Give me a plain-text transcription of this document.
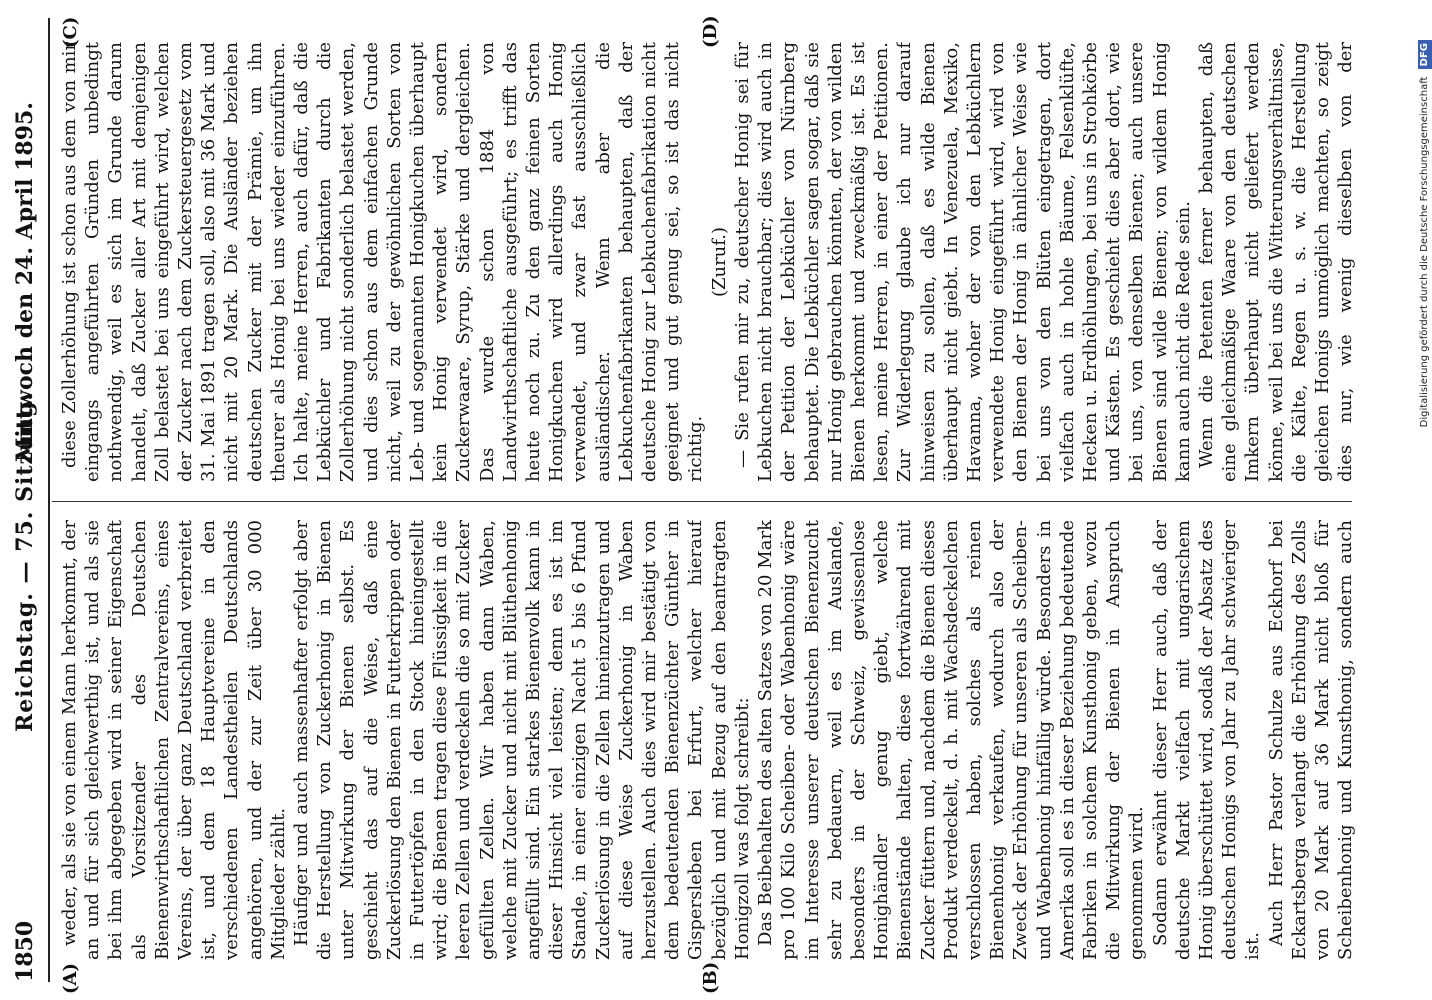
1850
Reichstag. — 75. Sitzung.
Mittwoch den 24. April 1895.
(A)	(B)
(C)	(D)

weder, als sie von einem Mann herkommt, der an und für sich gleichwerthig ist, und als sie bei ihm abgegeben wird in seiner Eigenschaft als Vorsitzender des Deutschen Bienenwirthschaftlichen Zentralvereins, eines Vereins, der über ganz Deutschland verbreitet ist, und dem 18 Hauptvereine in den verschiedenen Landestheilen Deutschlands angehören, und der zur Zeit über 30 000 Mitglieder zählt. Häufiger und auch massenhafter erfolgt aber die Herstellung von Zuckerhonig in Bienen unter Mitwirkung der Bienen selbst. Es geschieht das auf die Weise, daß eine Zuckerlösung den Bienen in Futterkrippen oder in Futtertöpfen in den Stock hineingestellt wird; die Bienen tragen diese Flüssigkeit in die leeren Zellen und verdeckeln die so mit Zucker gefüllten Zellen. Wir haben dann Waben, welche mit Zucker und nicht mit Blüthenhonig angefüllt sind. Ein starkes Bienenvolk kann in dieser Hinsicht viel leisten; denn es ist im Stande, in einer einzigen Nacht 5 bis 6 Pfund Zuckerlösung in die Zellen hineinzutragen und auf diese Weise Zuckerhonig in Waben herzustellen. Auch dies wird mir bestätigt von dem bedeutenden Bienenzüchter Günther in Gispersleben bei Erfurt, welcher hierauf bezüglich und mit Bezug auf den beantragten Honigzoll was folgt schreibt: Das Beibehalten des alten Satzes von 20 Mark pro 100 Kilo Scheiben- oder Wabenhonig wäre im Interesse unserer deutschen Bienenzucht sehr zu bedauern, weil es im Auslande, besonders in der Schweiz, gewissenlose Honighändler genug giebt, welche Bienenstände halten, diese fortwährend mit Zucker füttern und, nachdem die Bienen dieses Produkt verdeckelt, d. h. mit Wachsdeckelchen verschlossen haben, solches als reinen Bienenhonig verkaufen, wodurch also der Zweck der Erhöhung für unseren als Scheiben- und Wabenhonig hinfällig würde. Besonders in Amerika soll es in dieser Beziehung bedeutende Fabriken in solchem Kunsthonig geben, wozu die Mitwirkung der Bienen in Anspruch genommen wird. Sodann erwähnt dieser Herr auch, daß der deutsche Markt vielfach mit ungarischem Honig überschüttet wird, sodaß der Absatz des deutschen Honigs von Jahr zu Jahr schwieriger ist.

Auch Herr Pastor Schulze aus Eckhorf bei Eckartsberga verlangt die Erhöhung des Zolls von 20 Mark auf 36 Mark nicht bloß für Scheibenhonig und Kunsthonig, sondern auch

diese Zollerhöhung ist schon aus dem von mir eingangs angeführten Gründen unbedingt nothwendig, weil es sich im Grunde darum handelt, daß Zucker aller Art mit demjenigen Zoll belastet bei uns eingeführt wird, welchen der Zucker nach dem Zuckersteuergesetz vom 31. Mai 1891 tragen soll, also mit 36 Mark und nicht mit 20 Mark. Die Ausländer beziehen deutschen Zucker mit der Prämie, um ihn theurer als Honig bei uns wieder einzuführen. Ich halte, meine Herren, auch dafür, daß die Lebküchler und Fabrikanten durch die Zollerhöhung nicht sonderlich belastet werden, und dies schon aus dem einfachen Grunde nicht, weil zu der gewöhnlichen Sorten von Leb- und sogenannten Honigkuchen überhaupt kein Honig verwendet wird, sondern Zuckerwaare, Syrup, Stärke und dergleichen. Das wurde schon 1884 von Landwirthschaftliche ausgeführt; es trifft das heute noch zu. Zu den ganz feinen Sorten Honigkuchen wird allerdings auch Honig verwendet, und zwar fast ausschließlich ausländischer. Wenn aber die Lebkuchenfabrikanten behaupten, daß der deutsche Honig zur Lebkuchenfabrikation nicht geeignet und gut genug sei, so ist das nicht richtig.

(Zuruf.) — Sie rufen mir zu, deutscher Honig sei für Lebkuchen nicht brauchbar; dies wird auch in der Petition der Lebküchler von Nürnberg behauptet. Die Lebküchler sagen sogar, daß sie nur Honig gebrauchen könnten, der von wilden Bienen herkommt und zweckmäßig ist. Es ist lesen, meine Herren, in einer der Petitionen. Zur Widerlegung glaube ich nur darauf hinweisen zu sollen, daß es wilde Bienen überhaupt nicht giebt. In Venezuela, Mexiko, Havanna, woher der von den Lebküchlern verwendete Honig eingeführt wird, wird von den Bienen der Honig in ähnlicher Weise wie bei uns von den Blüten eingetragen, dort vielfach auch in hohle Bäume, Felsenklüfte, Hecken u. Erdhöhlungen, bei uns in Strohkörbe und Kästen. Es geschieht dies aber dort, wie bei uns, von denselben Bienen; auch unsere Bienen sind wilde Bienen; von wildem Honig kann auch nicht die Rede sein. Wenn die Petenten ferner behaupten, daß eine gleichmäßige Waare von den deutschen Imkern überhaupt nicht geliefert werden könne, weil bei uns die Witterungsverhältnisse, die Kälte, Regen u. s. w. die Herstellung gleichen Honigs unmöglich machten, so zeigt dies nur, wie wenig dieselben von der

Digitalisierung gefördert durch die Deutsche Forschungsgemeinschaft DFG
